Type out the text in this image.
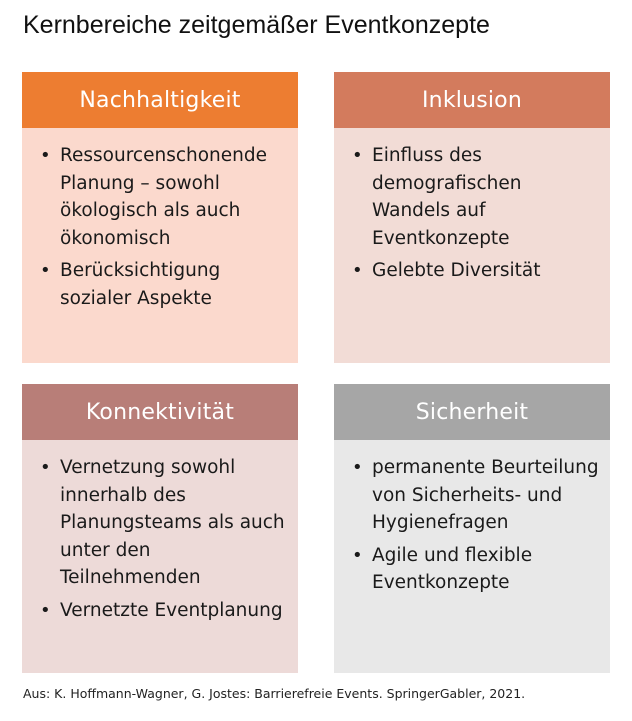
Kernbereiche zeitgemäßer Eventkonzepte
Nachhaltigkeit
• Ressourcenschonende Planung – sowohl ökologisch als auch ökonomisch
• Berücksichtigung sozialer Aspekte
Inklusion
• Einfluss des demografischen Wandels auf Eventkonzepte
• Gelebte Diversität
Konnektivität
• Vernetzung sowohl innerhalb des Planungsteams als auch unter den Teilnehmenden
• Vernetzte Eventplanung
Sicherheit
• permanente Beurteilung von Sicherheits- und Hygienefragen
• Agile und flexible Eventkonzepte
Aus: K. Hoffmann-Wagner, G. Jostes: Barrierefreie Events. SpringerGabler, 2021.
